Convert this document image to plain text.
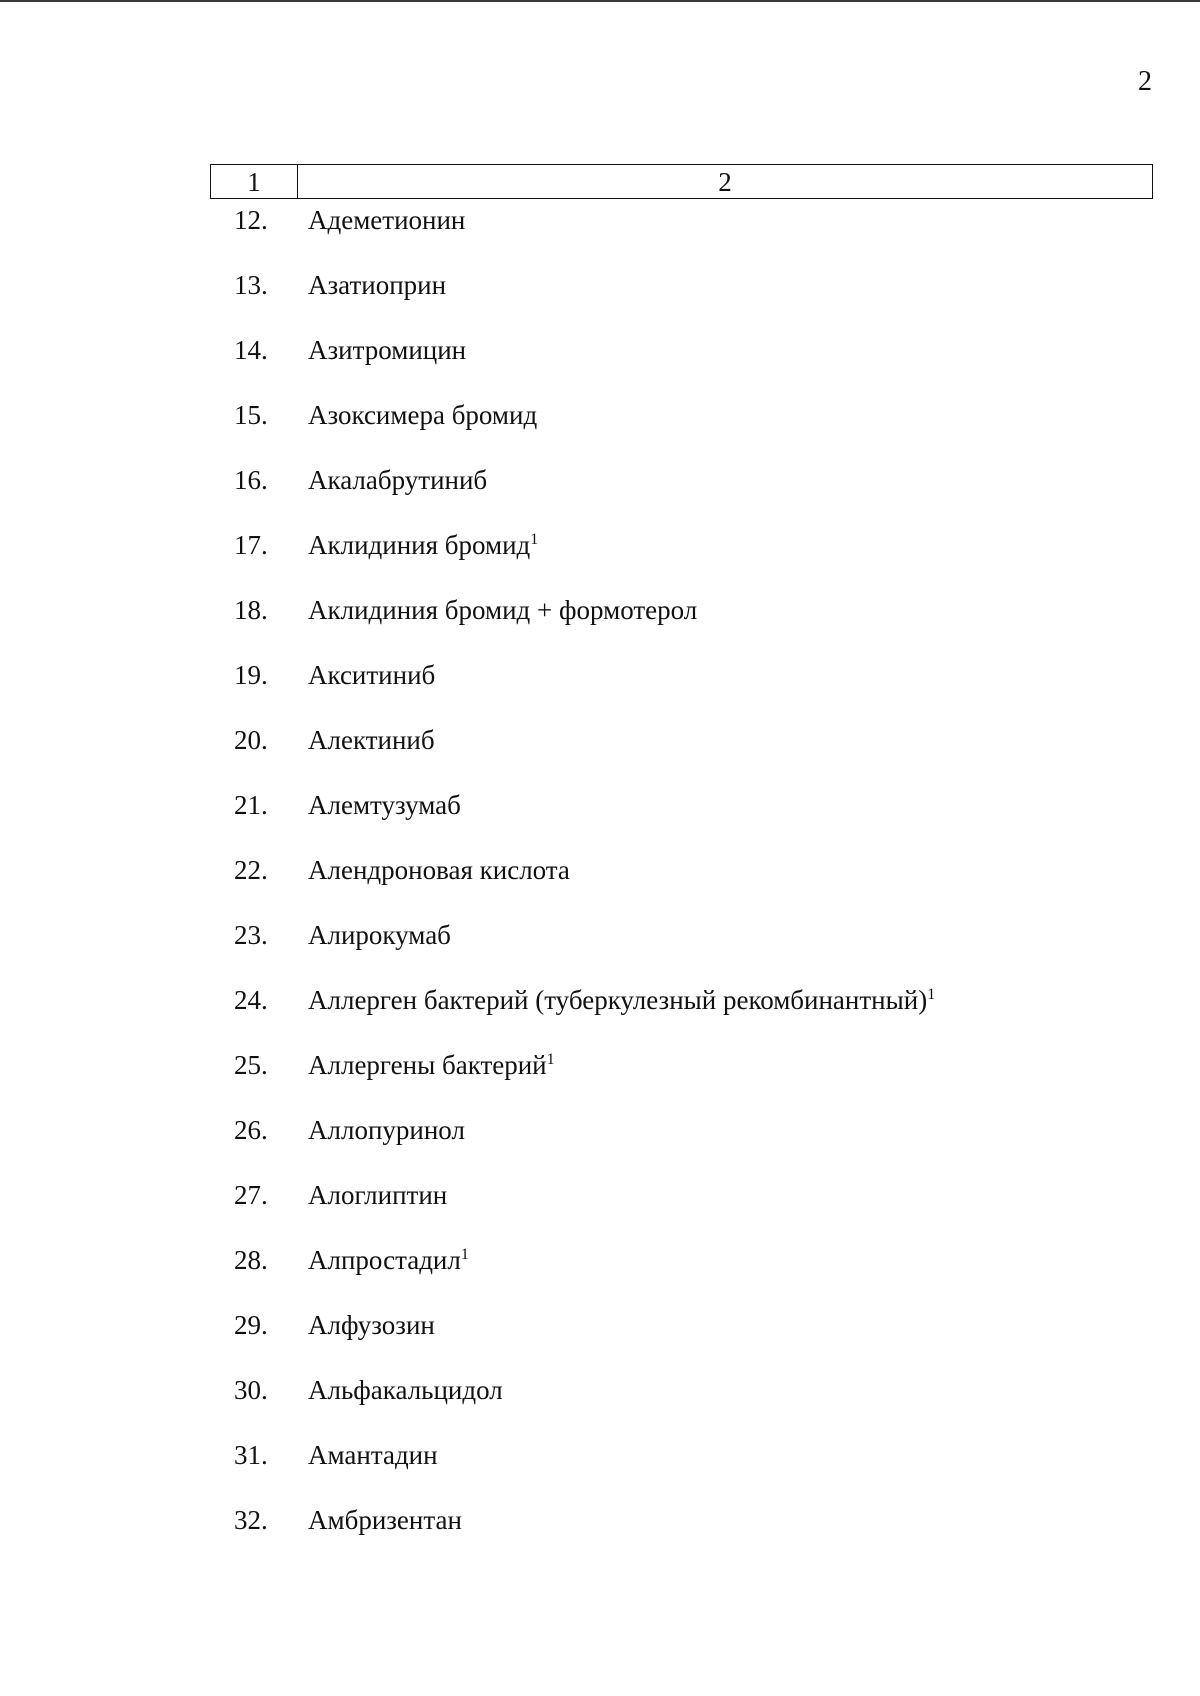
2
1	2
12.	Адеметионин
13.	Азатиоприн
14.	Азитромицин
15.	Азоксимера бромид
16.	Акалабрутиниб
17.	Аклидиния бромид$^1$
18.	Аклидиния бромид + формотерол
19.	Акситиниб
20.	Алектиниб
21.	Алемтузумаб
22.	Алендроновая кислота
23.	Алирокумаб
24.	Аллерген бактерий (туберкулезный рекомбинантный)$^1$
25.	Аллергены бактерий$^1$
26.	Аллопуринол
27.	Алоглиптин
28.	Алпростадил$^1$
29.	Алфузозин
30.	Альфакальцидол
31.	Амантадин
32.	Амбризентан
